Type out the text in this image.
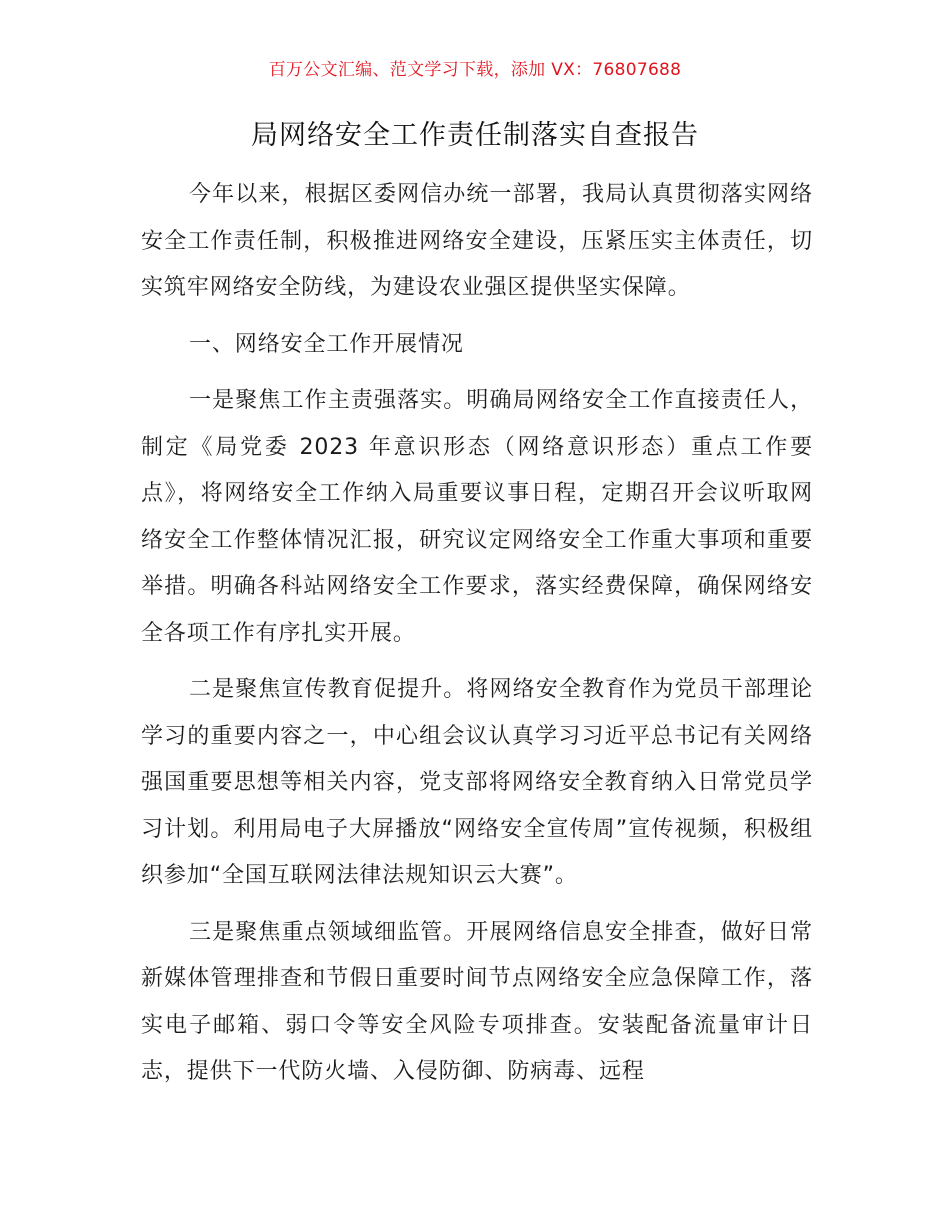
百万公文汇编、范文学习下载，添加 VX：76807688
局网络安全工作责任制落实自查报告

今年以来，根据区委网信办统一部署，我局认真贯彻落实网络安全工作责任制，积极推进网络安全建设，压紧压实主体责任，切实筑牢网络安全防线，为建设农业强区提供坚实保障。

一、网络安全工作开展情况

一是聚焦工作主责强落实。明确局网络安全工作直接责任人，制定《局党委 2023 年意识形态（网络意识形态）重点工作要点》，将网络安全工作纳入局重要议事日程，定期召开会议听取网络安全工作整体情况汇报，研究议定网络安全工作重大事项和重要举措。明确各科站网络安全工作要求，落实经费保障，确保网络安全各项工作有序扎实开展。

二是聚焦宣传教育促提升。将网络安全教育作为党员干部理论学习的重要内容之一，中心组会议认真学习习近平总书记有关网络强国重要思想等相关内容，党支部将网络安全教育纳入日常党员学习计划。利用局电子大屏播放“网络安全宣传周”宣传视频，积极组织参加“全国互联网法律法规知识云大赛”。

三是聚焦重点领域细监管。开展网络信息安全排查，做好日常新媒体管理排查和节假日重要时间节点网络安全应急保障工作，落实电子邮箱、弱口令等安全风险专项排查。安装配备流量审计日志，提供下一代防火墙、入侵防御、防病毒、远程
